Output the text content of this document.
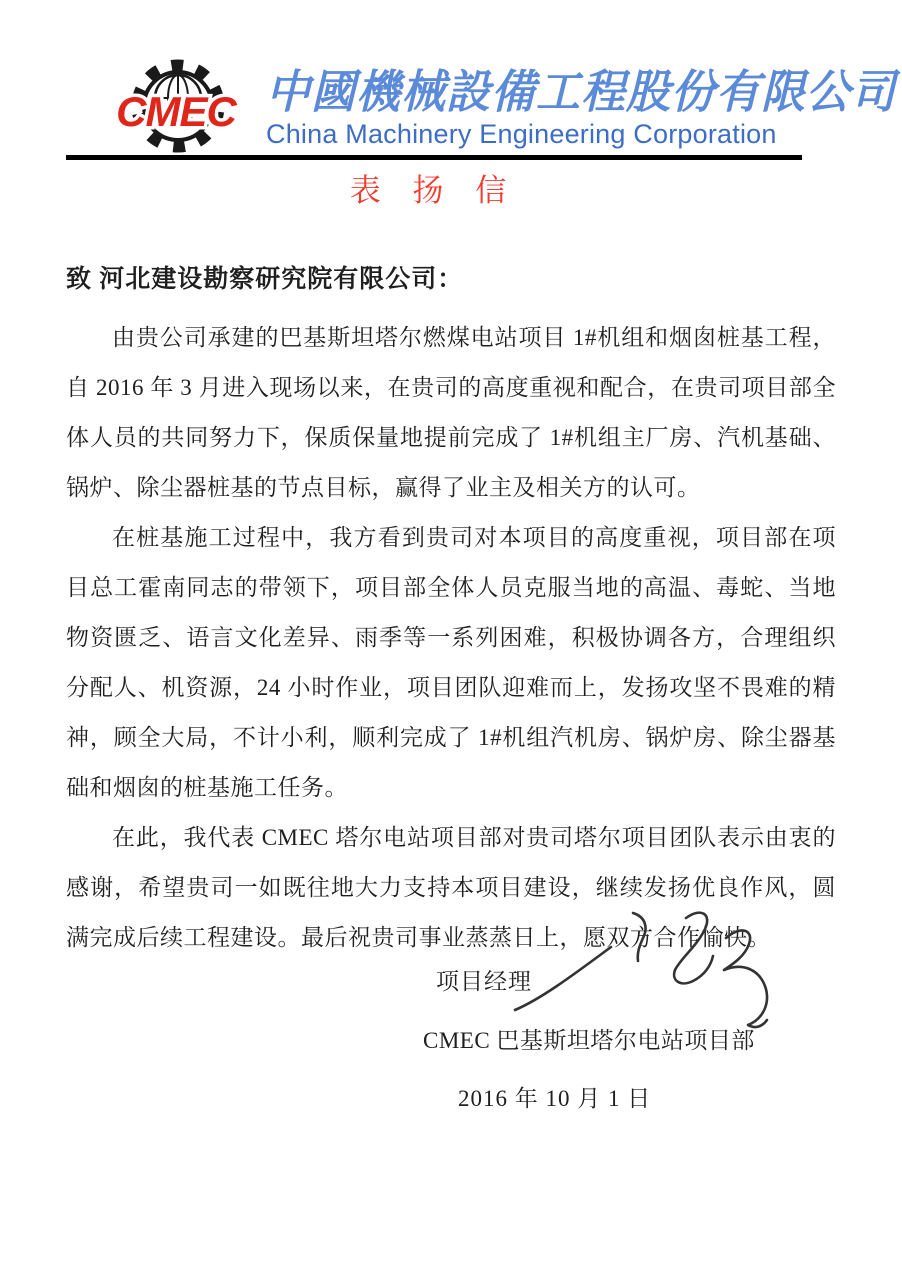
CMEC 中國機械設備工程股份有限公司
China Machinery Engineering Corporation
表 扬 信
致 河北建设勘察研究院有限公司：

由贵公司承建的巴基斯坦塔尔燃煤电站项目 1#机组和烟囱桩基工程，自 2016 年 3 月进入现场以来，在贵司的高度重视和配合，在贵司项目部全体人员的共同努力下，保质保量地提前完成了 1#机组主厂房、汽机基础、锅炉、除尘器桩基的节点目标，赢得了业主及相关方的认可。

在桩基施工过程中，我方看到贵司对本项目的高度重视，项目部在项目总工霍南同志的带领下，项目部全体人员克服当地的高温、毒蛇、当地物资匮乏、语言文化差异、雨季等一系列困难，积极协调各方，合理组织分配人、机资源，24 小时作业，项目团队迎难而上，发扬攻坚不畏难的精神，顾全大局，不计小利，顺利完成了 1#机组汽机房、锅炉房、除尘器基础和烟囱的桩基施工任务。

在此，我代表 CMEC 塔尔电站项目部对贵司塔尔项目团队表示由衷的感谢，希望贵司一如既往地大力支持本项目建设，继续发扬优良作风，圆满完成后续工程建设。最后祝贵司事业蒸蒸日上，愿双方合作愉快。

项目经理
CMEC 巴基斯坦塔尔电站项目部
2016 年 10 月 1 日
